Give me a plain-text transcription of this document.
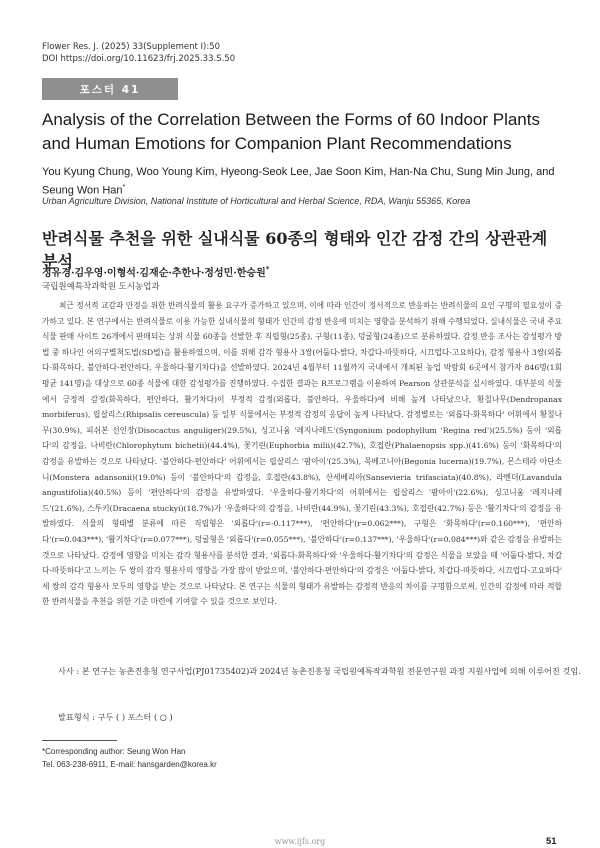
Flower Res. J. (2025) 33(Supplement Ⅰ):50
DOI https://doi.org/10.11623/frj.2025.33.S.50
포스터 41
Analysis of the Correlation Between the Forms of 60 Indoor Plants and Human Emotions for Companion Plant Recommendations
You Kyung Chung, Woo Young Kim, Hyeong-Seok Lee, Jae Soon Kim, Han-Na Chu, Sung Min Jung, and Seung Won Han*
Urban Agriculture Division, National Institute of Horticultural and Herbal Science, RDA, Wanju 55365, Korea
반려식물 추천을 위한 실내식물 60종의 형태와 인간 감정 간의 상관관계 분석
정유경·김우영·이형석·김재순·추한나·정성민·한승원*
국립원예특작과학원 도시농업과

최근 정서적 교감과 안정을 위한 반려식물의 활용 요구가 증가하고 있으며, 이에 따라 인간이 정서적으로 반응하는 반려식물의 요인 구명의 필요성이 증가하고 있다. 본 연구에서는 반려식물로 이용 가능한 실내식물의 형태가 인간의 감정 반응에 미치는 영향을 분석하기 위해 수행되었다. 실내식물은 국내 주요 식물 판매 사이트 26개에서 판매되는 상위 식물 60종을 선발한 후 직립형(25종), 구형(11종), 덩굴형(24종)으로 분류하였다. 감정 반응 조사는 감성평가 방법 중 하나인 어의구별척도법(SD법)을 활용하였으며, 이를 위해 감각 형용사 3쌍(어둡다-밝다, 차갑다-따뜻하다, 시끄럽다-고요하다), 감정 형용사 3쌍(외롭다-화목하다, 불안하다-편안하다, 우울하다-활기차다)을 선발하였다. 2024년 4월부터 11월까지 국내에서 개최된 농업 박람회 6곳에서 참가자 846명(1회 평균 141명)을 대상으로 60종 식물에 대한 감성평가를 진행하였다. 수집한 결과는 R프로그램을 이용하여 Pearson 상관분석을 실시하였다. 대부분의 식물에서 긍정적 감정(화목하다, 편안하다, 활기차다)이 부정적 감정(외롭다, 불안하다, 우울하다)에 비해 높게 나타났으나, 황칠나무(Dendropanax morbiferus), 립살리스(Rhipsalis cereuscula) 등 일부 식물에서는 부정적 감정의 응답이 높게 나타났다. 감정별로는 '외롭다-화목하다' 어휘에서 황칠나무(30.9%), 피쉬본 선인장(Disocactus anguliger)(29.5%), 싱고니움 '레지나레드'(Syngonium podophyllum 'Regina red')(25.5%) 등이 '외롭다'의 감정을, 나비란(Chlorophytum bichetii)(44.4%), 꽃기린(Euphorbia milii)(42.7%), 호접란(Phalaenopsis spp.)(41.6%) 등이 '화목하다'의 감정을 유발하는 것으로 나타났다. '불안하다-편안하다' 어휘에서는 립살리스 '팜아이'(25.3%), 목베고니아(Begonia lucerna)(19.7%), 몬스테라 아단소니(Monstera adansonii)(19.0%) 등이 '불안하다'의 감정을, 호접란(43.8%), 산세베리아(Sansevieria trifasciata)(40.8%), 라벤더(Lavandula angustifolia)(40.5%) 등이 '편안하다'의 감정을 유발하였다. '우울하다-활기차다'의 어휘에서는 립살리스 '팜아이'(22.6%), 싱고니움 '레지나레드'(21.6%), 스투키(Dracaena stuckyi)(18.7%)가 '우울하다'의 감정을, 나비란(44.9%), 꽃기린(43.3%), 호접란(42.7%) 등은 '활기차다'의 감정을 유발하였다. 식물의 형태별 분류에 따른 직립형은 '외롭다'(r=-0.117***), '편안하다'(r=0.062***), 구형은 '화목하다'(r=0.160***), '편안하다'(r=0.043***), '활기차다'(r=0.077***), 덩굴형은 '외롭다'(r=0.055***), '불안하다'(r=0.137***), '우울하다'(r=0.084***)와 같은 감정을 유발하는 것으로 나타났다. 감정에 영향을 미치는 감각 형용사를 분석한 결과, '외롭다-화목하다'와 '우울하다-활기차다'의 감정은 식물을 보았을 때 '어둡다-밝다, 차갑다-따뜻하다'고 느끼는 두 쌍의 감각 형용사의 영향을 가장 많이 받았으며, '불안하다-편안하다'의 감정은 '어둡다-밝다, 차갑다-따뜻하다, 시끄럽다-고요하다' 세 쌍의 감각 형용사 모두의 영향을 받는 것으로 나타났다. 본 연구는 식물의 형태가 유발하는 감정적 반응의 차이를 구명함으로써, 인간의 감정에 따라 적합한 반려식물을 추천을 위한 기준 마련에 기여할 수 있을 것으로 보인다.

사사 : 본 연구는 농촌진흥청 연구사업(PJ01735402)과 2024년 농촌진흥청 국립원예특작과학원 전문연구원 과정 지원사업에 의해 이루어진 것임.
발표형식 : 구두 ( ) 포스터 ( ○ )
*Corresponding author: Seung Won Han
Tel. 063-238-6911, E-mail: hansgarden@korea.kr
www.ijfs.org	51
